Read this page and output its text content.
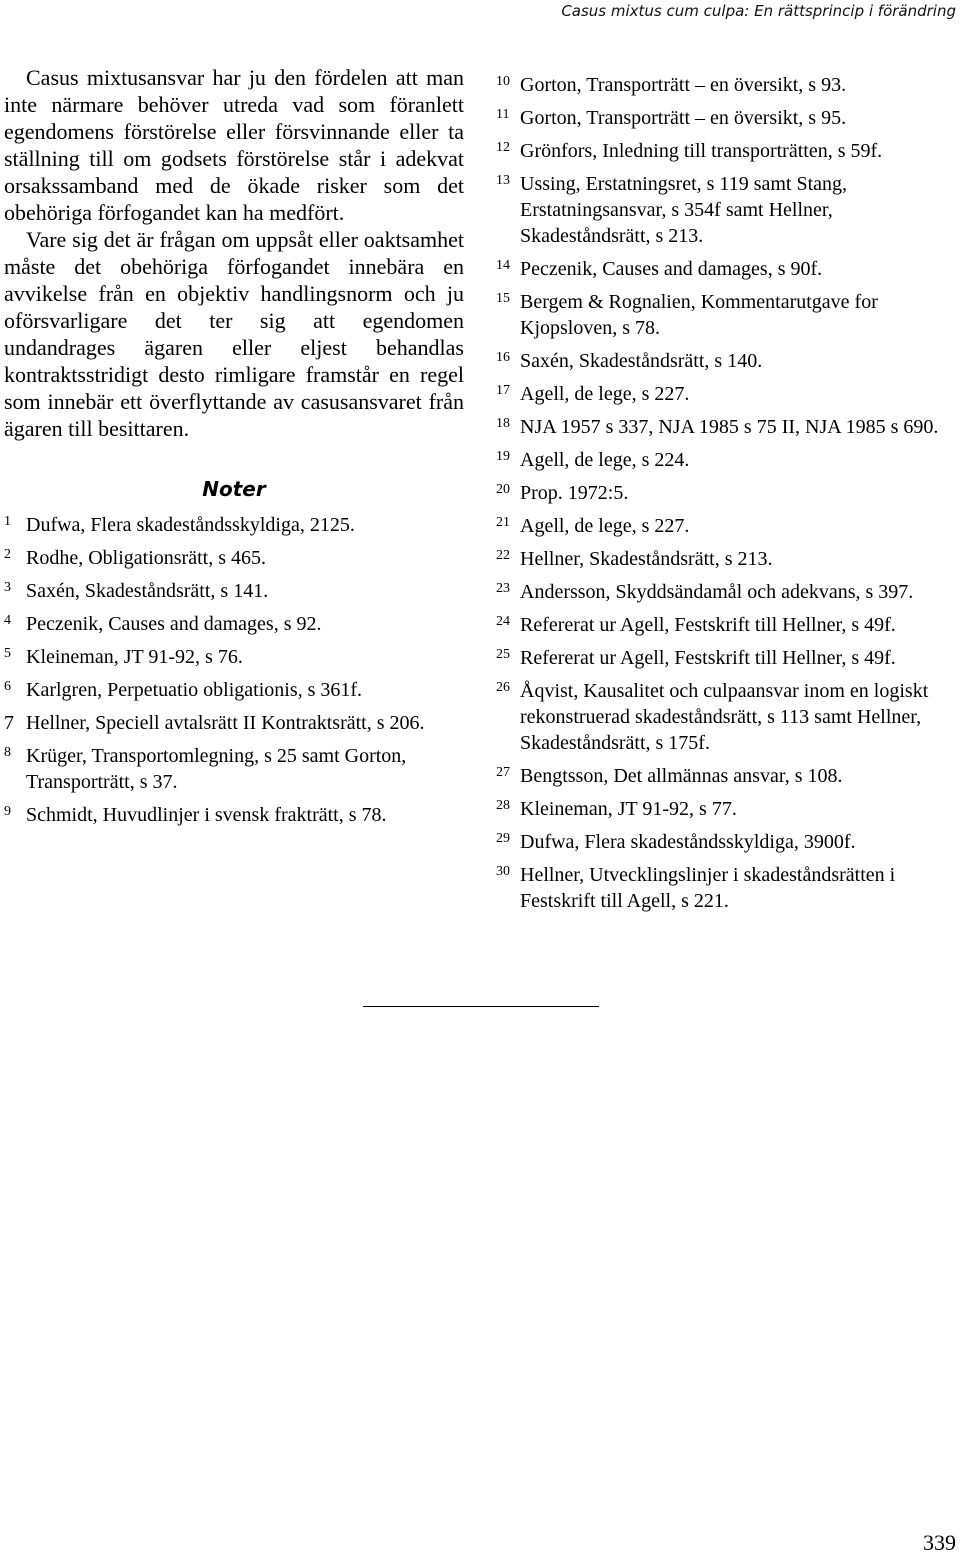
Casus mixtus cum culpa: En rättsprincip i förändring

Casus mixtusansvar har ju den fördelen att man inte närmare behöver utreda vad som föranlett egendomens förstörelse eller försvinnande eller ta ställning till om godsets förstörelse står i adekvat orsakssamband med de ökade risker som det obehöriga förfogandet kan ha medfört.

Vare sig det är frågan om uppsåt eller oaktsamhet måste det obehöriga förfogandet innebära en avvikelse från en objektiv handlingsnorm och ju oförsvarligare det ter sig att egendomen undandrages ägaren eller eljest behandlas kontraktsstridigt desto rimligare framstår en regel som innebär ett överflyttande av casusansvaret från ägaren till besittaren.

Noter
1 Dufwa, Flera skadeståndsskyldiga, 2125.
2 Rodhe, Obligationsrätt, s 465.
3 Saxén, Skadeståndsrätt, s 141.
4 Peczenik, Causes and damages, s 92.
5 Kleineman, JT 91-92, s 76.
6 Karlgren, Perpetuatio obligationis, s 361f.
7 Hellner, Speciell avtalsrätt II Kontraktsrätt, s 206.
8 Krüger, Transportomlegning, s 25 samt Gorton, Transporträtt, s 37.
9 Schmidt, Huvudlinjer i svensk frakträtt, s 78.
10 Gorton, Transporträtt – en översikt, s 93.
11 Gorton, Transporträtt – en översikt, s 95.
12 Grönfors, Inledning till transporträtten, s 59f.
13 Ussing, Erstatningsret, s 119 samt Stang, Erstatningsansvar, s 354f samt Hellner, Skadeståndsrätt, s 213.
14 Peczenik, Causes and damages, s 90f.
15 Bergem & Rognalien, Kommentarutgave for Kjopsloven, s 78.
16 Saxén, Skadeståndsrätt, s 140.
17 Agell, de lege, s 227.
18 NJA 1957 s 337, NJA 1985 s 75 II, NJA 1985 s 690.
19 Agell, de lege, s 224.
20 Prop. 1972:5.
21 Agell, de lege, s 227.
22 Hellner, Skadeståndsrätt, s 213.
23 Andersson, Skyddsändamål och adekvans, s 397.
24 Refererat ur Agell, Festskrift till Hellner, s 49f.
25 Refererat ur Agell, Festskrift till Hellner, s 49f.
26 Åqvist, Kausalitet och culpaansvar inom en logiskt rekonstruerad skadeståndsrätt, s 113 samt Hellner, Skadeståndsrätt, s 175f.
27 Bengtsson, Det allmännas ansvar, s 108.
28 Kleineman, JT 91-92, s 77.
29 Dufwa, Flera skadeståndsskyldiga, 3900f.
30 Hellner, Utvecklingslinjer i skadeståndsrätten i Festskrift till Agell, s 221.
339
